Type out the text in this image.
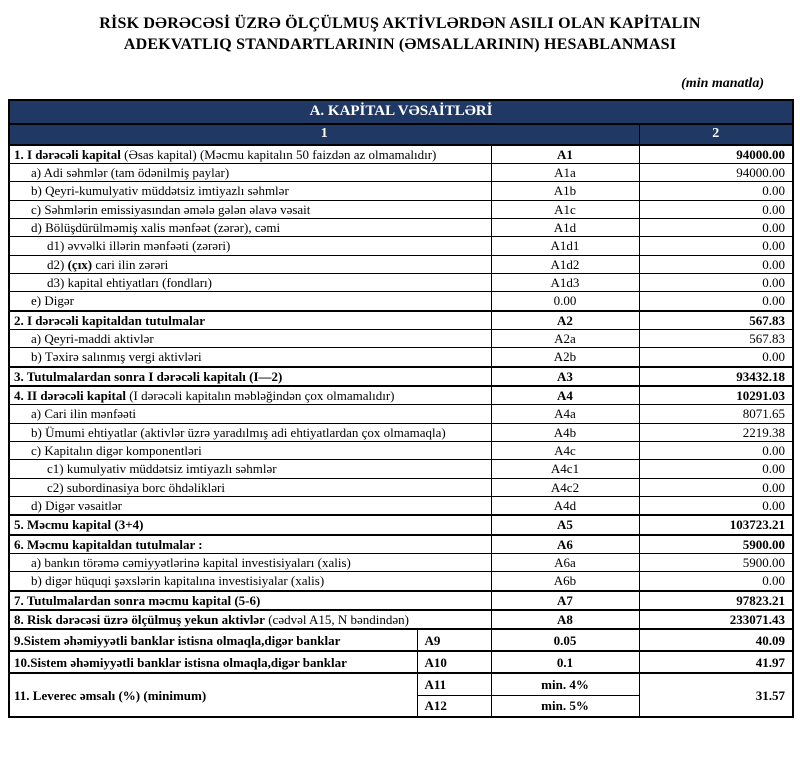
RİSK DƏRƏCƏSİ ÜZRƏ ÖLÇÜLMUŞ AKTİVLƏRDƏN ASILI OLAN KAPİTALIN
ADEKVATLIQ STANDARTLARININ (ƏMSALLARININ) HESABLANMASI
(min manatla)
A. KAPİTAL VƏSAİTLƏRİ			
1			2
1. I dərəcəli kapital (Əsas kapital) (Məcmu kapitalın 50 faizdən az olmamalıdır)		A1	94000.00
a) Adi səhmlər (tam ödənilmiş paylar)		A1a	94000.00
b) Qeyri-kumulyativ müddətsiz imtiyazlı səhmlər		A1b	0.00
c) Səhmlərin emissiyasından əmələ gələn əlavə vəsait		A1c	0.00
d) Bölüşdürülməmiş xalis mənfəət (zərər), cəmi		A1d	0.00
d1) əvvəlki illərin mənfəəti (zərəri)		A1d1	0.00
d2) (çıx) cari ilin zərəri		A1d2	0.00
d3) kapital ehtiyatları (fondları)		A1d3	0.00
e) Digər		0.00	0.00
2. I dərəcəli kapitaldan tutulmalar		A2	567.83
a) Qeyri-maddi aktivlər		A2a	567.83
b) Təxirə salınmış vergi aktivləri		A2b	0.00
3. Tutulmalardan sonra I dərəcəli kapitalı (I—2)		A3	93432.18
4. II dərəcəli kapital (I dərəcəli kapitalın məbləğindən çox olmamalıdır)		A4	10291.03
a) Cari ilin mənfəəti		A4a	8071.65
b) Ümumi ehtiyatlar (aktivlər üzrə yaradılmış adi ehtiyatlardan çox olmamaqla)		A4b	2219.38
c) Kapitalın digər komponentləri		A4c	0.00
c1) kumulyativ müddətsiz imtiyazlı səhmlər		A4c1	0.00
c2) subordinasiya borc öhdəlikləri		A4c2	0.00
d) Digər vəsaitlər		A4d	0.00
5. Məcmu kapital (3+4)		A5	103723.21
6. Məcmu kapitaldan tutulmalar :		A6	5900.00
a) bankın törəmə cəmiyyətlərinə kapital investisiyaları (xalis)		A6a	5900.00
b) digər hüquqi şəxslərin kapitalına investisiyalar (xalis)		A6b	0.00
7. Tutulmalardan sonra məcmu kapital (5-6)		A7	97823.21
8. Risk dərəcəsi üzrə ölçülmuş yekun aktivlər (cədvəl A15, N bəndindən)		A8	233071.43
9.Sistem əhəmiyyətli banklar istisna olmaqla,digər banklar	A9	0.05	40.09
10.Sistem əhəmiyyətli banklar istisna olmaqla,digər banklar	A10	0.1	41.97
11. Leverec əmsalı (%) (minimum)	A11	min. 4%	31.57
	A12	min. 5%	
